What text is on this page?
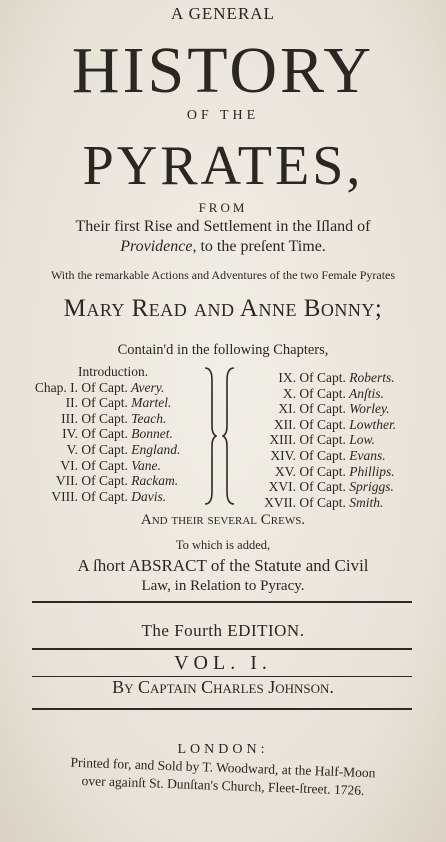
A GENERAL
HISTORY
OF THE
PYRATES,
FROM
Their first Rise and Settlement in the Iſland of
Providence, to the preſent Time.
With the remarkable Actions and Adventures of the two Female Pyrates
Mary Read and Anne Bonny;
Contain'd in the following Chapters,
Introduction.
Chap. I. Of Capt. Avery.
II. Of Capt. Martel.
III. Of Capt. Teach.
IV. Of Capt. Bonnet.
V. Of Capt. England.
VI. Of Capt. Vane.
VII. Of Capt. Rackam.
VIII. Of Capt. Davis.
IX. Of Capt. Roberts.
X. Of Capt. Anſtis.
XI. Of Capt. Worley.
XII. Of Capt. Lowther.
XIII. Of Capt. Low.
XIV. Of Capt. Evans.
XV. Of Capt. Phillips.
XVI. Of Capt. Spriggs.
XVII. Of Capt. Smith.
And their ſeveral Crews.
To which is added,
A ſhort ABSRACT of the Statute and Civil
Law, in Relation to Pyracy.
The Fourth EDITION.
VOL. I.
By Captain Charles Johnson.
LONDON:
Printed for, and Sold by T. Woodward, at the Half-Moon
over againſt St. Dunſtan's Church, Fleet-ſtreet. 1726.
